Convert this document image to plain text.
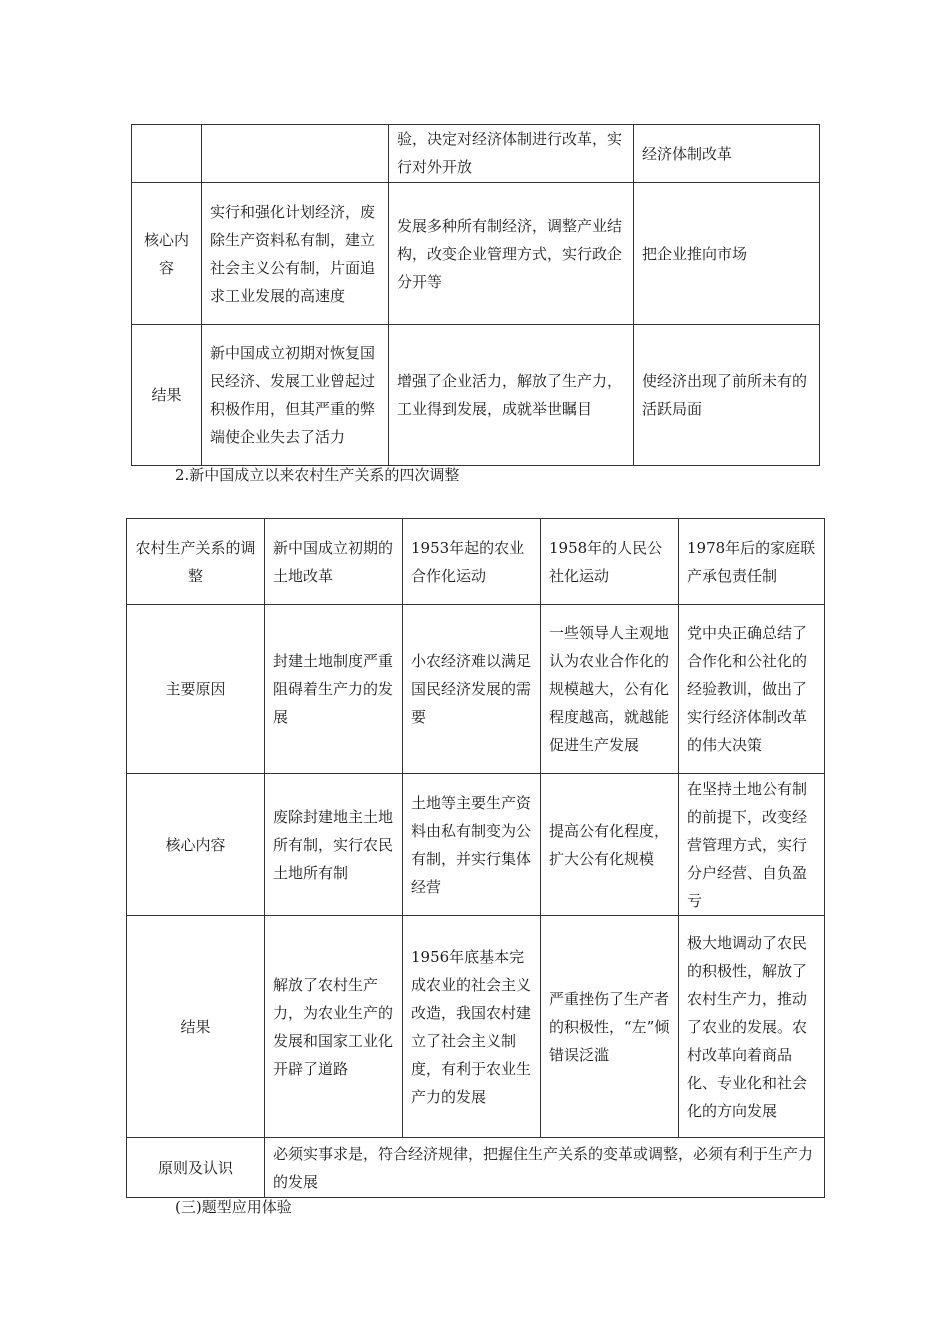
		验，决定对经济体制进行改革，实行对外开放	经济体制改革
核心内容	实行和强化计划经济，废除生产资料私有制，建立社会主义公有制，片面追求工业发展的高速度	发展多种所有制经济，调整产业结构，改变企业管理方式，实行政企分开等	把企业推向市场
结果	新中国成立初期对恢复国民经济、发展工业曾起过积极作用，但其严重的弊端使企业失去了活力	增强了企业活力，解放了生产力，工业得到发展，成就举世瞩目	使经济出现了前所未有的活跃局面
2.新中国成立以来农村生产关系的四次调整
农村生产关系的调整	新中国成立初期的土地改革	1953年起的农业合作化运动	1958年的人民公社化运动	1978年后的家庭联产承包责任制
主要原因	封建土地制度严重阻碍着生产力的发展	小农经济难以满足国民经济发展的需要	一些领导人主观地认为农业合作化的规模越大，公有化程度越高，就越能促进生产发展	党中央正确总结了合作化和公社化的经验教训，做出了实行经济体制改革的伟大决策
核心内容	废除封建地主土地所有制，实行农民土地所有制	土地等主要生产资料由私有制变为公有制，并实行集体经营	提高公有化程度，扩大公有化规模	在坚持土地公有制的前提下，改变经营管理方式，实行分户经营、自负盈亏
结果	解放了农村生产力，为农业生产的发展和国家工业化开辟了道路	1956年底基本完成农业的社会主义改造，我国农村建立了社会主义制度，有利于农业生产力的发展	严重挫伤了生产者的积极性，“左”倾错误泛滥	极大地调动了农民的积极性，解放了农村生产力，推动了农业的发展。农村改革向着商品化、专业化和社会化的方向发展
原则及认识	必须实事求是，符合经济规律，把握住生产关系的变革或调整，必须有利于生产力的发展			
(三)题型应用体验
